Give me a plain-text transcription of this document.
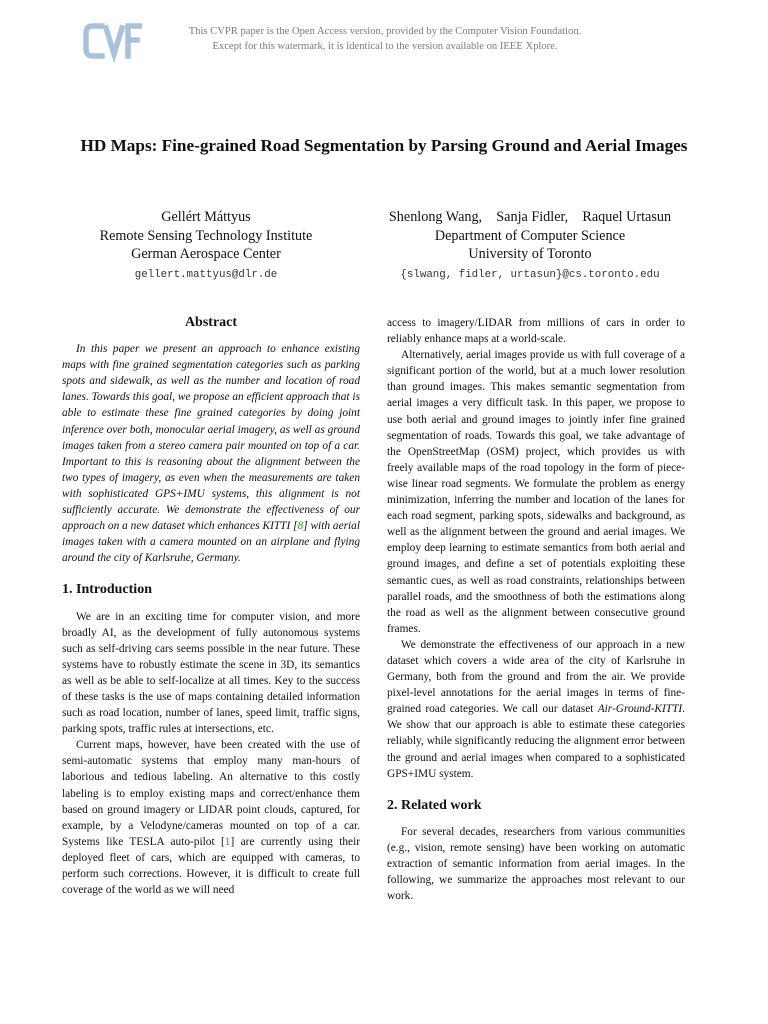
This CVPR paper is the Open Access version, provided by the Computer Vision Foundation.
Except for this watermark, it is identical to the version available on IEEE Xplore.
HD Maps: Fine-grained Road Segmentation by Parsing Ground and Aerial Images
Gellért Máttyus
Remote Sensing Technology Institute
German Aerospace Center
gellert.mattyus@dlr.de
Shenlong Wang,    Sanja Fidler,    Raquel Urtasun
Department of Computer Science
University of Toronto
{slwang, fidler, urtasun}@cs.toronto.edu
Abstract

In this paper we present an approach to enhance existing maps with fine grained segmentation categories such as parking spots and sidewalk, as well as the number and location of road lanes. Towards this goal, we propose an efficient approach that is able to estimate these fine grained categories by doing joint inference over both, monocular aerial imagery, as well as ground images taken from a stereo camera pair mounted on top of a car. Important to this is reasoning about the alignment between the two types of imagery, as even when the measurements are taken with sophisticated GPS+IMU systems, this alignment is not sufficiently accurate. We demonstrate the effectiveness of our approach on a new dataset which enhances KITTI [8] with aerial images taken with a camera mounted on an airplane and flying around the city of Karlsruhe, Germany.

1. Introduction

We are in an exciting time for computer vision, and more broadly AI, as the development of fully autonomous systems such as self-driving cars seems possible in the near future. These systems have to robustly estimate the scene in 3D, its semantics as well as be able to self-localize at all times. Key to the success of these tasks is the use of maps containing detailed information such as road location, number of lanes, speed limit, traffic signs, parking spots, traffic rules at intersections, etc.

Current maps, however, have been created with the use of semi-automatic systems that employ many man-hours of laborious and tedious labeling. An alternative to this costly labeling is to employ existing maps and correct/enhance them based on ground imagery or LIDAR point clouds, captured, for example, by a Velodyne/cameras mounted on top of a car. Systems like TESLA auto-pilot [1] are currently using their deployed fleet of cars, which are equipped with cameras, to perform such corrections. However, it is difficult to create full coverage of the world as we will need

access to imagery/LIDAR from millions of cars in order to reliably enhance maps at a world-scale.

Alternatively, aerial images provide us with full coverage of a significant portion of the world, but at a much lower resolution than ground images. This makes semantic segmentation from aerial images a very difficult task. In this paper, we propose to use both aerial and ground images to jointly infer fine grained segmentation of roads. Towards this goal, we take advantage of the OpenStreetMap (OSM) project, which provides us with freely available maps of the road topology in the form of piece-wise linear road segments. We formulate the problem as energy minimization, inferring the number and location of the lanes for each road segment, parking spots, sidewalks and background, as well as the alignment between the ground and aerial images. We employ deep learning to estimate semantics from both aerial and ground images, and define a set of potentials exploiting these semantic cues, as well as road constraints, relationships between parallel roads, and the smoothness of both the estimations along the road as well as the alignment between consecutive ground frames.

We demonstrate the effectiveness of our approach in a new dataset which covers a wide area of the city of Karlsruhe in Germany, both from the ground and from the air. We provide pixel-level annotations for the aerial images in terms of fine-grained road categories. We call our dataset Air-Ground-KITTI. We show that our approach is able to estimate these categories reliably, while significantly reducing the alignment error between the ground and aerial images when compared to a sophisticated GPS+IMU system.

2. Related work

For several decades, researchers from various communities (e.g., vision, remote sensing) have been working on automatic extraction of semantic information from aerial images. In the following, we summarize the approaches most relevant to our work.
